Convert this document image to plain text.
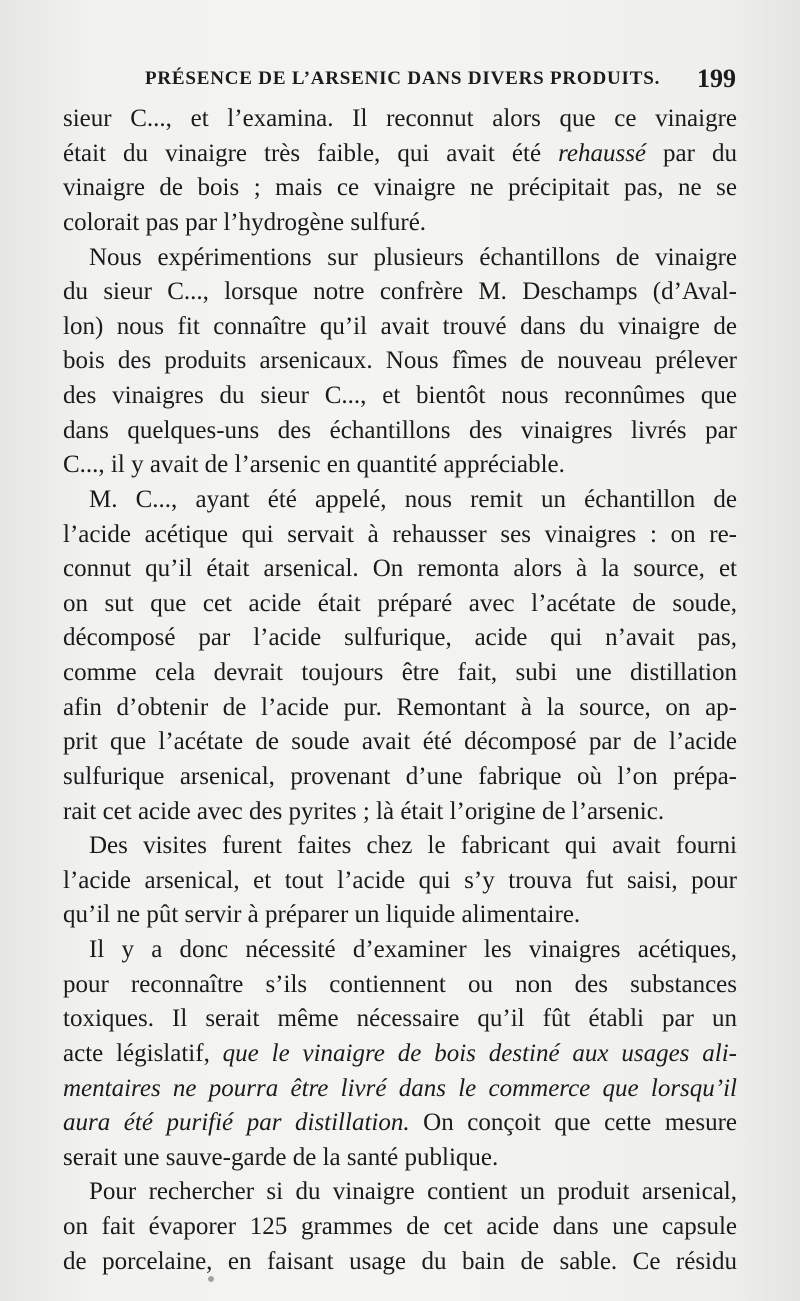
PRÉSENCE DE L’ARSENIC DANS DIVERS PRODUITS. 199
sieur C..., et l’examina. Il reconnut alors que ce vinaigre
était du vinaigre très faible, qui avait été rehaussé par du
vinaigre de bois ; mais ce vinaigre ne précipitait pas, ne se
colorait pas par l’hydrogène sulfuré.
Nous expérimentions sur plusieurs échantillons de vinaigre
du sieur C..., lorsque notre confrère M. Deschamps (d’Aval-
lon) nous fit connaître qu’il avait trouvé dans du vinaigre de
bois des produits arsenicaux. Nous fîmes de nouveau prélever
des vinaigres du sieur C..., et bientôt nous reconnûmes que
dans quelques-uns des échantillons des vinaigres livrés par
C..., il y avait de l’arsenic en quantité appréciable.
M. C..., ayant été appelé, nous remit un échantillon de
l’acide acétique qui servait à rehausser ses vinaigres : on re-
connut qu’il était arsenical. On remonta alors à la source, et
on sut que cet acide était préparé avec l’acétate de soude,
décomposé par l’acide sulfurique, acide qui n’avait pas,
comme cela devrait toujours être fait, subi une distillation
afin d’obtenir de l’acide pur. Remontant à la source, on ap-
prit que l’acétate de soude avait été décomposé par de l’acide
sulfurique arsenical, provenant d’une fabrique où l’on prépa-
rait cet acide avec des pyrites ; là était l’origine de l’arsenic.
Des visites furent faites chez le fabricant qui avait fourni
l’acide arsenical, et tout l’acide qui s’y trouva fut saisi, pour
qu’il ne pût servir à préparer un liquide alimentaire.
Il y a donc nécessité d’examiner les vinaigres acétiques,
pour reconnaître s’ils contiennent ou non des substances
toxiques. Il serait même nécessaire qu’il fût établi par un
acte législatif, que le vinaigre de bois destiné aux usages ali-
mentaires ne pourra être livré dans le commerce que lorsqu’il
aura été purifié par distillation. On conçoit que cette mesure
serait une sauve-garde de la santé publique.
Pour rechercher si du vinaigre contient un produit arsenical,
on fait évaporer 125 grammes de cet acide dans une capsule
de porcelaine, en faisant usage du bain de sable. Ce résidu
